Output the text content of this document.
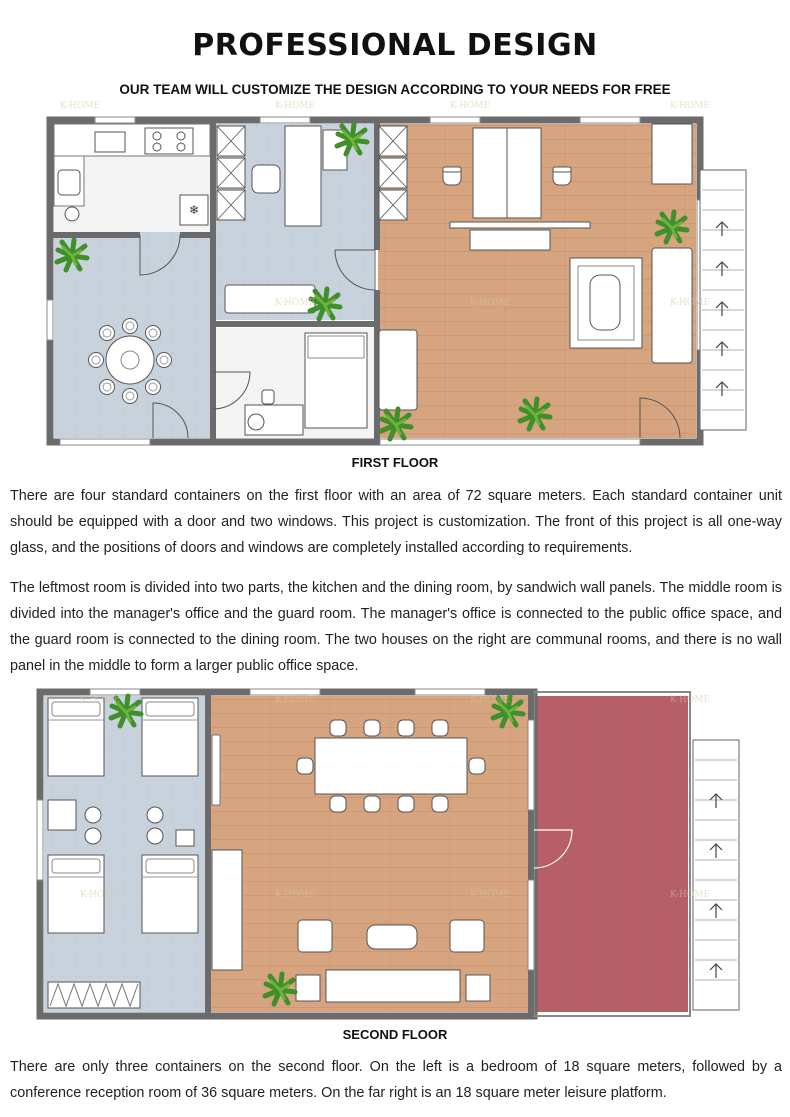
PROFESSIONAL DESIGN
OUR TEAM WILL CUSTOMIZE THE DESIGN ACCORDING TO YOUR NEEDS FOR FREE
❄
K-HOME	K-HOME	K-HOME	K-HOME
K-HOME	K-HOME	K-HOME
FIRST FLOOR
There are four standard containers on the first floor with an area of 72 square meters. Each standard container unit should be equipped with a door and two windows. This project is customization. The front of this project is all one-way glass, and the positions of doors and windows are completely installed according to requirements.
The leftmost room is divided into two parts, the kitchen and the dining room, by sandwich wall panels. The middle room is divided into the manager's office and the guard room. The manager's office is connected to the public office space, and the guard room is connected to the dining room. The two houses on the right are communal rooms, and there is no wall panel in the middle to form a larger public office space.
K-HOME	K-HOME	K-HOME	K-HOME
K-HOME	K-HOME	K-HOME	K-HOME
SECOND FLOOR
There are only three containers on the second floor. On the left is a bedroom of 18 square meters, followed by a conference reception room of 36 square meters. On the far right is an 18 square meter leisure platform.
